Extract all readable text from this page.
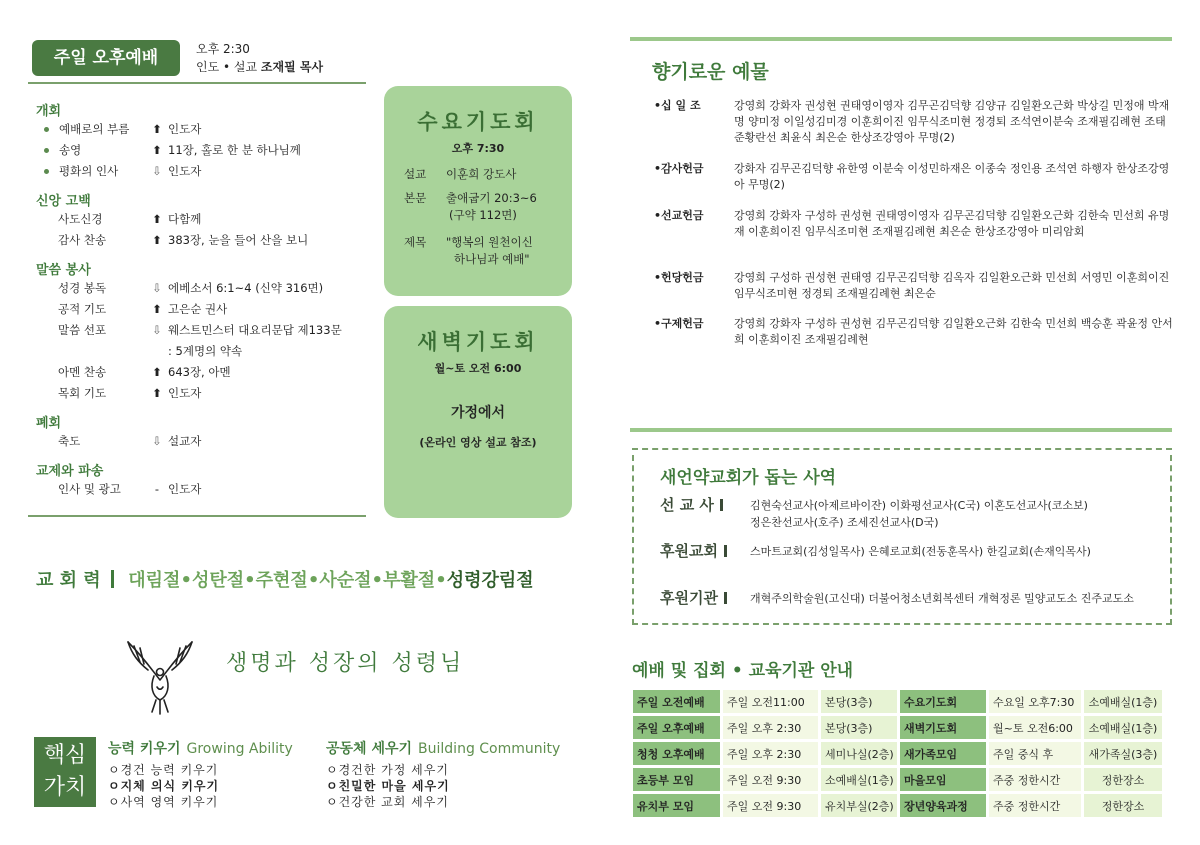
주일 오후예배	오후 2:30
인도 • 설교 조재필 목사
개회
예배로의 부름	⬆ 인도자
송영	⬆ 11장, 홀로 한 분 하나님께
평화의 인사	⇩ 인도자
신앙 고백
사도신경	⬆ 다함께
감사 찬송	⬆ 383장, 눈을 들어 산을 보니
말씀 봉사
성경 봉독	⇩ 에베소서 6:1~4 (신약 316면)
공적 기도	⬆ 고은순 권사
말씀 선포	⇩ 웨스트민스터 대요리문답 제133문
: 5계명의 약속
아멘 찬송	⬆ 643장, 아멘
목회 기도	⬆ 인도자
폐회
축도	⇩ 설교자
교제와 파송
인사 및 광고	- 인도자
수요기도회
오후 7:30
설교	이훈희 강도사
본문	출애굽기 20:3~6
(구약 112면)
제목	"행복의 원천이신
하나님과 예배"
새벽기도회
월~토 오전 6:00
가정에서
(온라인 영상 설교 참조)
교 회 력 대림절•성탄절•주현절•사순절•부활절•성령강림절
생명과 성장의 성령님
핵심
가치
능력 키우기 Growing Ability
ㅇ경건 능력 키우기
ㅇ지체 의식 키우기
ㅇ사역 영역 키우기
공동체 세우기 Building Community
ㅇ경건한 가정 세우기
ㅇ친밀한 마을 세우기
ㅇ건강한 교회 세우기
향기로운 예물
•십 일 조	강영희 강화자 권성현 권태영이영자 김무곤김덕향 김양규 김일환오근화 박상길 민정애 박재명 양미정 이일성김미경 이훈희이진 임무식조미현 정경퇴 조석연이분숙 조재필김례현 조태준황란선 최윤식 최은순 한상조강영아 무명(2)
•감사헌금	강화자 김무곤김덕향 유한영 이분숙 이성민하재은 이종숙 정인용 조석연 하행자 한상조강영아 무명(2)
•선교헌금	강영희 강화자 구성하 권성현 권태영이영자 김무곤김덕향 김일환오근화 김한숙 민선희 유명재 이훈희이진 임무식조미현 조재필김례현 최은순 한상조강영아 미리암회
•헌당헌금	강영희 구성하 권성현 권태영 김무곤김덕향 김옥자 김일환오근화 민선희 서영민 이훈희이진 임무식조미현 정경퇴 조재필김례현 최은순
•구제헌금	강영희 강화자 구성하 권성현 김무곤김덕향 김일환오근화 김한숙 민선희 백승훈 곽윤정 안서희 이훈희이진 조재필김례현
새언약교회가 돕는 사역
선 교 사	김현숙선교사(아제르바이잔) 이화평선교사(C국) 이혼도선교사(코소보)
정은찬선교사(호주) 조세진선교사(D국)
후원교회	스마트교회(김성일목사) 은혜로교회(전동훈목사) 한길교회(손재익목사)
후원기관	개혁주의학술원(고신대) 더불어청소년회복센터 개혁정론 밀양교도소 진주교도소
예배 및 집회 • 교육기관 안내
주일 오전예배	주일 오전11:00	본당(3층)	수요기도회	수요일 오후7:30	소예배실(1층)
주일 오후예배	주일 오후 2:30	본당(3층)	새벽기도회	월~토 오전6:00	소예배실(1층)
청청 오후예배	주일 오후 2:30	세미나실(2층)	새가족모임	주일 중식 후	새가족실(3층)
초등부 모임	주일 오전 9:30	소예배실(1층)	마을모임	주중 정한시간	정한장소
유치부 모임	주일 오전 9:30	유치부실(2층)	장년양육과정	주중 정한시간	정한장소
